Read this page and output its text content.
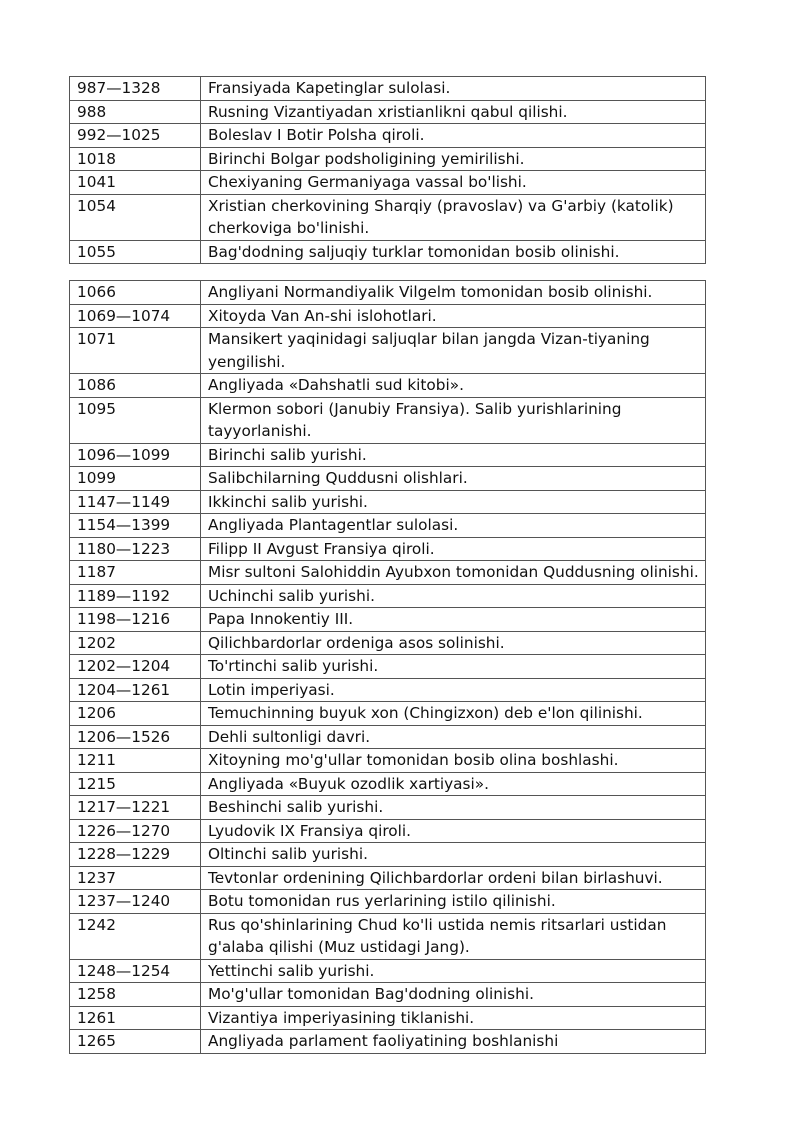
987—1328	Fransiyada Kapetinglar sulolasi.
988	Rusning Vizantiyadan xristianlikni qabul qilishi.
992—1025	Boleslav I Botir Polsha qiroli.
1018	Birinchi Bolgar podsholigining yemirilishi.
1041	Chexiyaning Germaniyaga vassal bo'lishi.
1054	Xristian cherkovining Sharqiy (pravoslav) va G'arbiy (katolik) cherkoviga bo'linishi.
1055	Bag'dodning saljuqiy turklar tomonidan bosib olinishi.
1066	Angliyani Normandiyalik Vilgelm tomonidan bosib olinishi.
1069—1074	Xitoyda Van An-shi islohotlari.
1071	Mansikert yaqinidagi saljuqlar bilan jangda Vizan-tiyaning yengilishi.
1086	Angliyada «Dahshatli sud kitobi».
1095	Klermon sobori (Janubiy Fransiya). Salib yurishlarining tayyorlanishi.
1096—1099	Birinchi salib yurishi.
1099	Salibchilarning Quddusni olishlari.
1147—1149	Ikkinchi salib yurishi.
1154—1399	Angliyada Plantagentlar sulolasi.
1180—1223	Filipp II Avgust Fransiya qiroli.
1187	Misr sultoni Salohiddin Ayubxon tomonidan Quddusning olinishi.
1189—1192	Uchinchi salib yurishi.
1198—1216	Papa Innokentiy III.
1202	Qilichbardorlar ordeniga asos solinishi.
1202—1204	To'rtinchi salib yurishi.
1204—1261	Lotin imperiyasi.
1206	Temuchinning buyuk xon (Chingizxon) deb e'lon qilinishi.
1206—1526	Dehli sultonligi davri.
1211	Xitoyning mo'g'ullar tomonidan bosib olina boshlashi.
1215	Angliyada «Buyuk ozodlik xartiyasi».
1217—1221	Beshinchi salib yurishi.
1226—1270	Lyudovik IX Fransiya qiroli.
1228—1229	Oltinchi salib yurishi.
1237	Tevtonlar ordenining Qilichbardorlar ordeni bilan birlashuvi.
1237—1240	Botu tomonidan rus yerlarining istilo qilinishi.
1242	Rus qo'shinlarining Chud ko'li ustida nemis ritsarlari ustidan g'alaba qilishi (Muz ustidagi Jang).
1248—1254	Yettinchi salib yurishi.
1258	Mo'g'ullar tomonidan Bag'dodning olinishi.
1261	Vizantiya imperiyasining tiklanishi.
1265	Angliyada parlament faoliyatining boshlanishi
